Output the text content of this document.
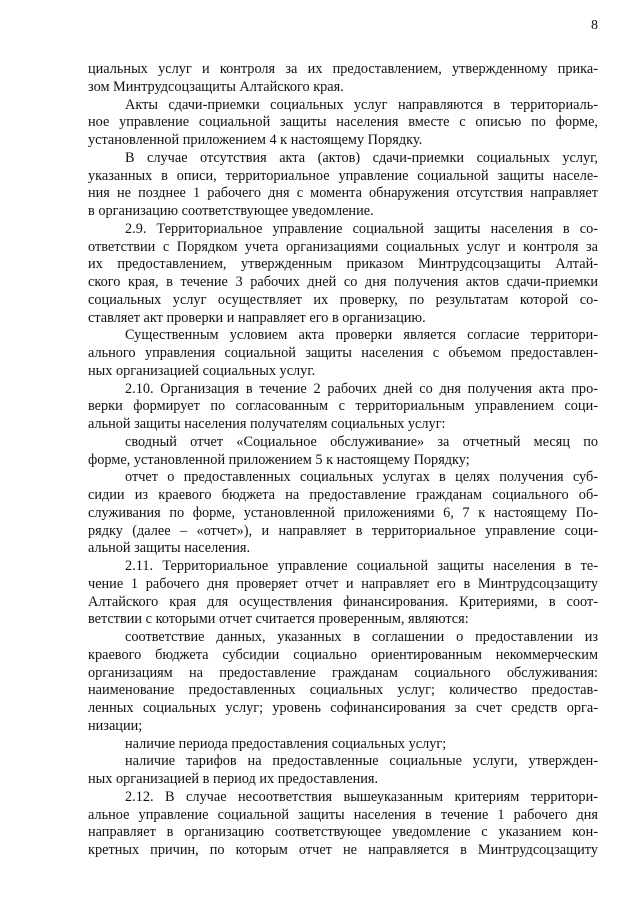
8
циальных услуг и контроля за их предоставлением, утвержденному прика-
зом Минтрудсоцзащиты Алтайского края.
Акты сдачи-приемки социальных услуг направляются в территориаль-
ное управление социальной защиты населения вместе с описью по форме,
установленной приложением 4 к настоящему Порядку.
В случае отсутствия акта (актов) сдачи-приемки социальных услуг,
указанных в описи, территориальное управление социальной защиты населе-
ния не позднее 1 рабочего дня с момента обнаружения отсутствия направляет
в организацию соответствующее уведомление.
2.9. Территориальное управление социальной защиты населения в со-
ответствии с Порядком учета организациями социальных услуг и контроля за
их предоставлением, утвержденным приказом Минтрудсоцзащиты Алтай-
ского края, в течение 3 рабочих дней со дня получения актов сдачи-приемки
социальных услуг осуществляет их проверку, по результатам которой со-
ставляет акт проверки и направляет его в организацию.
Существенным условием акта проверки является согласие территори-
ального управления социальной защиты населения с объемом предоставлен-
ных организацией социальных услуг.
2.10. Организация в течение 2 рабочих дней со дня получения акта про-
верки формирует по согласованным с территориальным управлением соци-
альной защиты населения получателям социальных услуг:
сводный отчет «Социальное обслуживание» за отчетный месяц по
форме, установленной приложением 5 к настоящему Порядку;
отчет о предоставленных социальных услугах в целях получения суб-
сидии из краевого бюджета на предоставление гражданам социального об-
служивания по форме, установленной приложениями 6, 7 к настоящему По-
рядку (далее – «отчет»), и направляет в территориальное управление соци-
альной защиты населения.
2.11. Территориальное управление социальной защиты населения в те-
чение 1 рабочего дня проверяет отчет и направляет его в Минтрудсоцзащиту
Алтайского края для осуществления финансирования. Критериями, в соот-
ветствии с которыми отчет считается проверенным, являются:
соответствие данных, указанных в соглашении о предоставлении из
краевого бюджета субсидии социально ориентированным некоммерческим
организациям на предоставление гражданам социального обслуживания:
наименование предоставленных социальных услуг; количество предостав-
ленных социальных услуг; уровень софинансирования за счет средств орга-
низации;
наличие периода предоставления социальных услуг;
наличие тарифов на предоставленные социальные услуги, утвержден-
ных организацией в период их предоставления.
2.12. В случае несоответствия вышеуказанным критериям территори-
альное управление социальной защиты населения в течение 1 рабочего дня
направляет в организацию соответствующее уведомление с указанием кон-
кретных причин, по которым отчет не направляется в Минтрудсоцзащиту
